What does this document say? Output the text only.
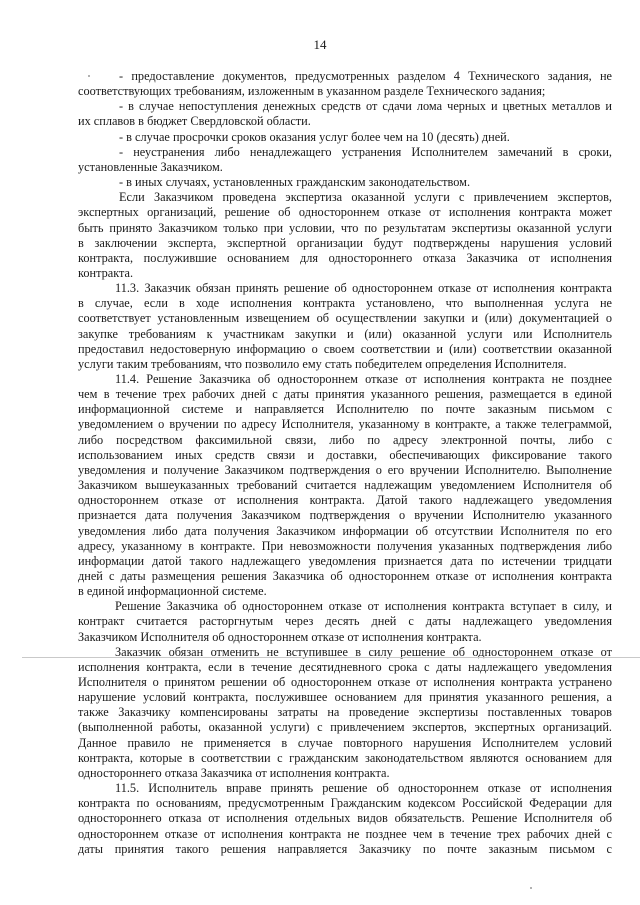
14
- предоставление документов, предусмотренных разделом 4 Технического задания, не
соответствующих требованиям, изложенным в указанном разделе Технического задания;
- в случае непоступления денежных средств от сдачи лома черных и цветных металлов и
их сплавов в бюджет Свердловской области.
- в случае просрочки сроков оказания услуг более чем на 10 (десять) дней.
- неустранения либо ненадлежащего устранения Исполнителем замечаний в сроки,
установленные Заказчиком.
- в иных случаях, установленных гражданским законодательством.
Если Заказчиком проведена экспертиза оказанной услуги с привлечением экспертов,
экспертных организаций, решение об одностороннем отказе от исполнения контракта может
быть принято Заказчиком только при условии, что по результатам экспертизы оказанной услуги
в заключении эксперта, экспертной организации будут подтверждены нарушения условий
контракта, послужившие основанием для одностороннего отказа Заказчика от исполнения
контракта.
11.3. Заказчик обязан принять решение об одностороннем отказе от исполнения контракта
в случае, если в ходе исполнения контракта установлено, что выполненная услуга не
соответствует установленным извещением об осуществлении закупки и (или) документацией о
закупке требованиям к участникам закупки и (или) оказанной услуги или Исполнитель
предоставил недостоверную информацию о своем соответствии и (или) соответствии оказанной
услуги таким требованиям, что позволило ему стать победителем определения Исполнителя.
11.4. Решение Заказчика об одностороннем отказе от исполнения контракта не позднее
чем в течение трех рабочих дней с даты принятия указанного решения, размещается в единой
информационной системе и направляется Исполнителю по почте заказным письмом с
уведомлением о вручении по адресу Исполнителя, указанному в контракте, а также телеграммой,
либо посредством факсимильной связи, либо по адресу электронной почты, либо с
использованием иных средств связи и доставки, обеспечивающих фиксирование такого
уведомления и получение Заказчиком подтверждения о его вручении Исполнителю. Выполнение
Заказчиком вышеуказанных требований считается надлежащим уведомлением Исполнителя об
одностороннем отказе от исполнения контракта. Датой такого надлежащего уведомления
признается дата получения Заказчиком подтверждения о вручении Исполнителю указанного
уведомления либо дата получения Заказчиком информации об отсутствии Исполнителя по его
адресу, указанному в контракте. При невозможности получения указанных подтверждения либо
информации датой такого надлежащего уведомления признается дата по истечении тридцати
дней с даты размещения решения Заказчика об одностороннем отказе от исполнения контракта
в единой информационной системе.
Решение Заказчика об одностороннем отказе от исполнения контракта вступает в силу, и
контракт считается расторгнутым через десять дней с даты надлежащего уведомления
Заказчиком Исполнителя об одностороннем отказе от исполнения контракта.
Заказчик обязан отменить не вступившее в силу решение об одностороннем отказе от
исполнения контракта, если в течение десятидневного срока с даты надлежащего уведомления
Исполнителя о принятом решении об одностороннем отказе от исполнения контракта устранено
нарушение условий контракта, послужившее основанием для принятия указанного решения, а
также Заказчику компенсированы затраты на проведение экспертизы поставленных товаров
(выполненной работы, оказанной услуги) с привлечением экспертов, экспертных организаций.
Данное правило не применяется в случае повторного нарушения Исполнителем условий
контракта, которые в соответствии с гражданским законодательством являются основанием для
одностороннего отказа Заказчика от исполнения контракта.
11.5. Исполнитель вправе принять решение об одностороннем отказе от исполнения
контракта по основаниям, предусмотренным Гражданским кодексом Российской Федерации для
одностороннего отказа от исполнения отдельных видов обязательств. Решение Исполнителя об
одностороннем отказе от исполнения контракта не позднее чем в течение трех рабочих дней с
даты принятия такого решения направляется Заказчику по почте заказным письмом с
